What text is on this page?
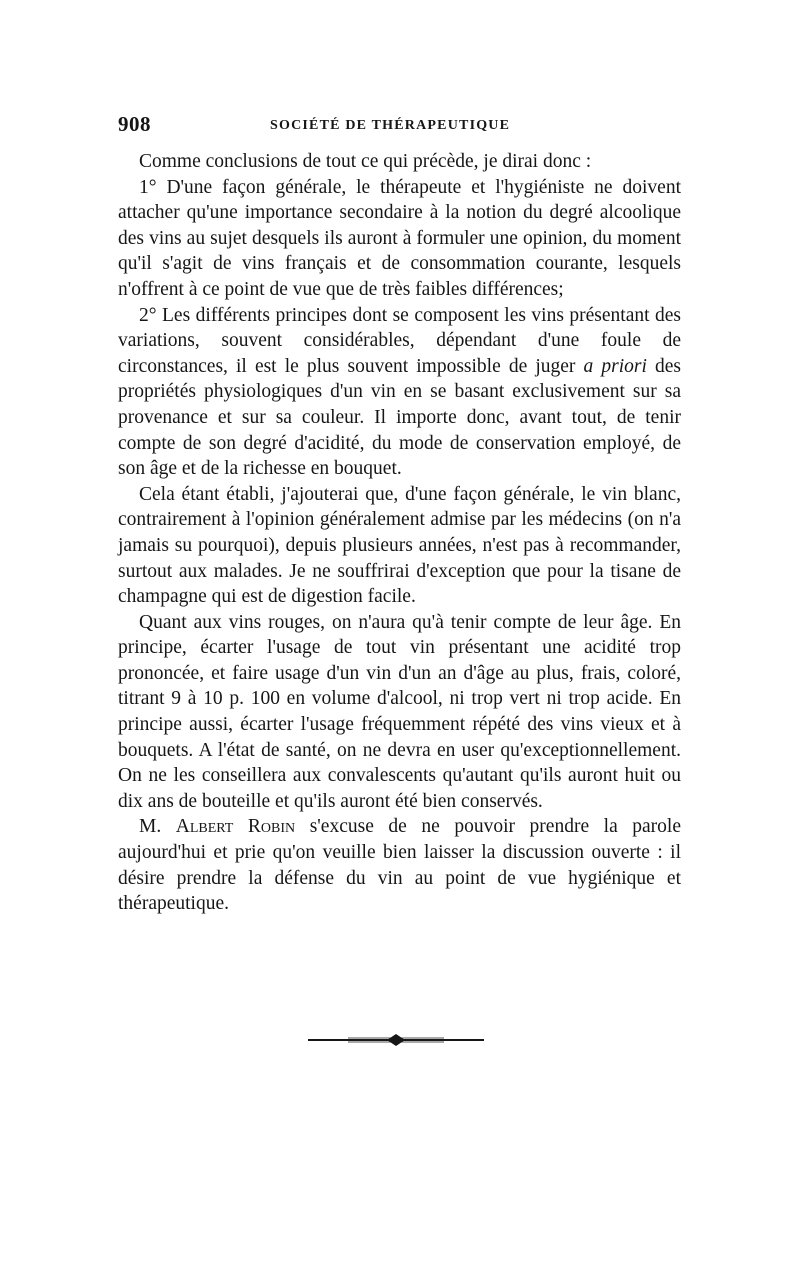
908	SOCIÉTÉ DE THÉRAPEUTIQUE

Comme conclusions de tout ce qui précède, je dirai donc :

1° D'une façon générale, le thérapeute et l'hygiéniste ne doivent attacher qu'une importance secondaire à la notion du degré alcoolique des vins au sujet desquels ils auront à formuler une opinion, du moment qu'il s'agit de vins français et de consommation courante, lesquels n'offrent à ce point de vue que de très faibles différences;

2° Les différents principes dont se composent les vins présentant des variations, souvent considérables, dépendant d'une foule de circonstances, il est le plus souvent impossible de juger a priori des propriétés physiologiques d'un vin en se basant exclusivement sur sa provenance et sur sa couleur. Il importe donc, avant tout, de tenir compte de son degré d'acidité, du mode de conservation employé, de son âge et de la richesse en bouquet.

Cela étant établi, j'ajouterai que, d'une façon générale, le vin blanc, contrairement à l'opinion généralement admise par les médecins (on n'a jamais su pourquoi), depuis plusieurs années, n'est pas à recommander, surtout aux malades. Je ne souffrirai d'exception que pour la tisane de champagne qui est de digestion facile.

Quant aux vins rouges, on n'aura qu'à tenir compte de leur âge. En principe, écarter l'usage de tout vin présentant une acidité trop prononcée, et faire usage d'un vin d'un an d'âge au plus, frais, coloré, titrant 9 à 10 p. 100 en volume d'alcool, ni trop vert ni trop acide. En principe aussi, écarter l'usage fréquemment répété des vins vieux et à bouquets. A l'état de santé, on ne devra en user qu'exceptionnellement. On ne les conseillera aux convalescents qu'autant qu'ils auront huit ou dix ans de bouteille et qu'ils auront été bien conservés.

M. Albert Robin s'excuse de ne pouvoir prendre la parole aujourd'hui et prie qu'on veuille bien laisser la discussion ouverte : il désire prendre la défense du vin au point de vue hygiénique et thérapeutique.
